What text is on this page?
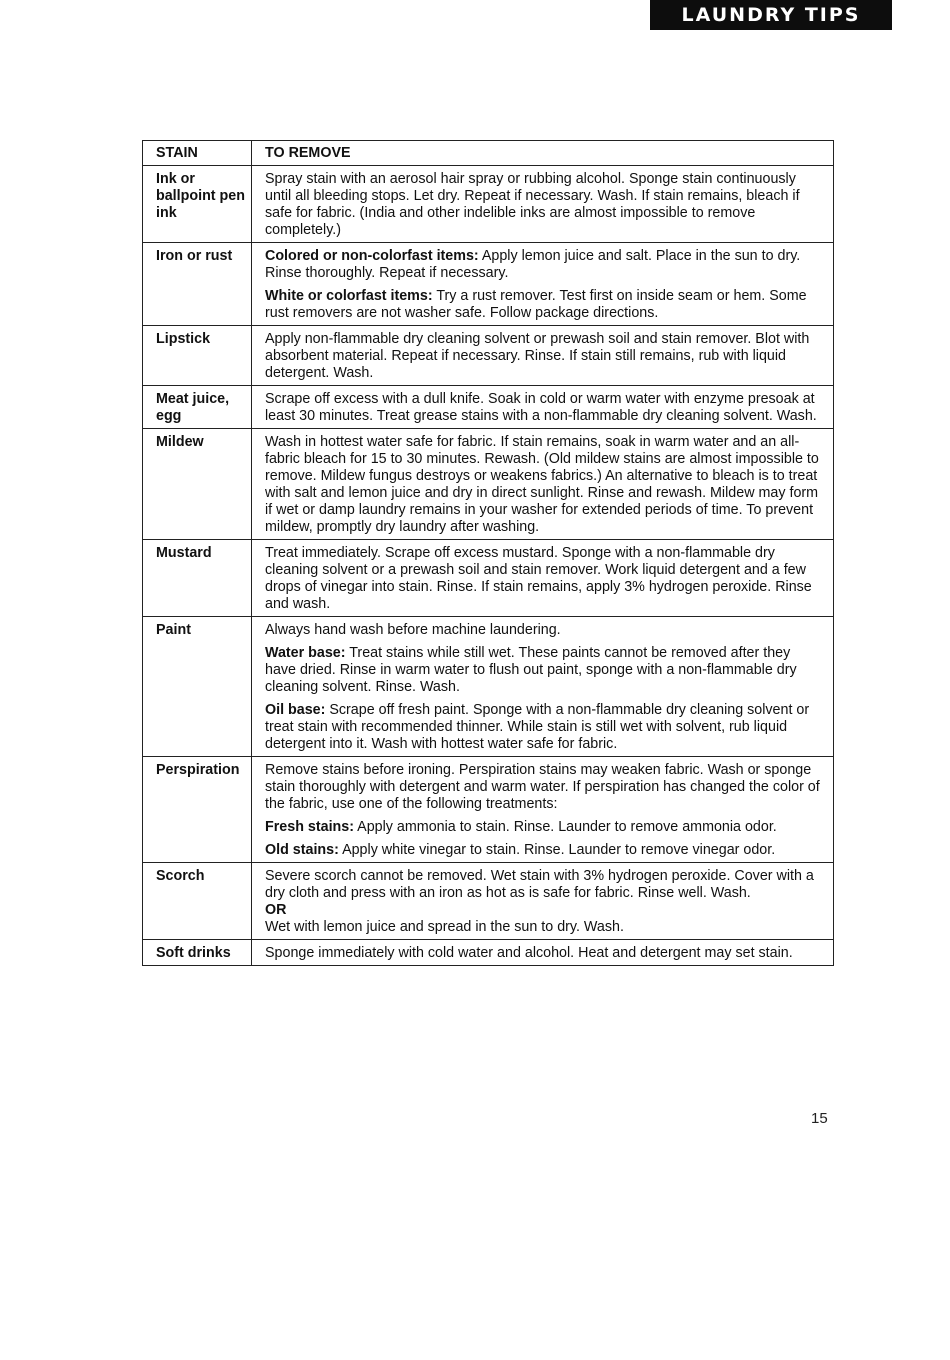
LAUNDRY TIPS
STAIN	TO REMOVE
Ink or ballpoint pen ink	Spray stain with an aerosol hair spray or rubbing alcohol. Sponge stain continuously until all bleeding stops. Let dry. Repeat if necessary. Wash. If stain remains, bleach if safe for fabric. (India and other indelible inks are almost impossible to remove completely.)

Iron or rust	Colored or non-colorfast items: Apply lemon juice and salt. Place in the sun to dry. Rinse thoroughly. Repeat if necessary.

White or colorfast items: Try a rust remover. Test first on inside seam or hem. Some rust removers are not washer safe. Follow package directions.

Lipstick	Apply non-flammable dry cleaning solvent or prewash soil and stain remover. Blot with absorbent material. Repeat if necessary. Rinse. If stain still remains, rub with liquid detergent. Wash.

Meat juice, egg	Scrape off excess with a dull knife. Soak in cold or warm water with enzyme presoak at least 30 minutes. Treat grease stains with a non-flammable dry cleaning solvent. Wash.

Mildew	Wash in hottest water safe for fabric. If stain remains, soak in warm water and an all-fabric bleach for 15 to 30 minutes. Rewash. (Old mildew stains are almost impossible to remove. Mildew fungus destroys or weakens fabrics.) An alternative to bleach is to treat with salt and lemon juice and dry in direct sunlight. Rinse and rewash. Mildew may form if wet or damp laundry remains in your washer for extended periods of time. To prevent mildew, promptly dry laundry after washing.

Mustard	Treat immediately. Scrape off excess mustard. Sponge with a non-flammable dry cleaning solvent or a prewash soil and stain remover. Work liquid detergent and a few drops of vinegar into stain. Rinse. If stain remains, apply 3% hydrogen peroxide. Rinse and wash.

Paint	Always hand wash before machine laundering.

Water base: Treat stains while still wet. These paints cannot be removed after they have dried. Rinse in warm water to flush out paint, sponge with a non-flammable dry cleaning solvent. Rinse. Wash.

Oil base: Scrape off fresh paint. Sponge with a non-flammable dry cleaning solvent or treat stain with recommended thinner. While stain is still wet with solvent, rub liquid detergent into it. Wash with hottest water safe for fabric.

Perspiration	Remove stains before ironing. Perspiration stains may weaken fabric. Wash or sponge stain thoroughly with detergent and warm water. If perspiration has changed the color of the fabric, use one of the following treatments:

Fresh stains: Apply ammonia to stain. Rinse. Launder to remove ammonia odor.

Old stains: Apply white vinegar to stain. Rinse. Launder to remove vinegar odor.

Scorch	Severe scorch cannot be removed. Wet stain with 3% hydrogen peroxide. Cover with a dry cloth and press with an iron as hot as is safe for fabric. Rinse well. Wash.

OR

Wet with lemon juice and spread in the sun to dry. Wash.

Soft drinks	Sponge immediately with cold water and alcohol. Heat and detergent may set stain.

15
